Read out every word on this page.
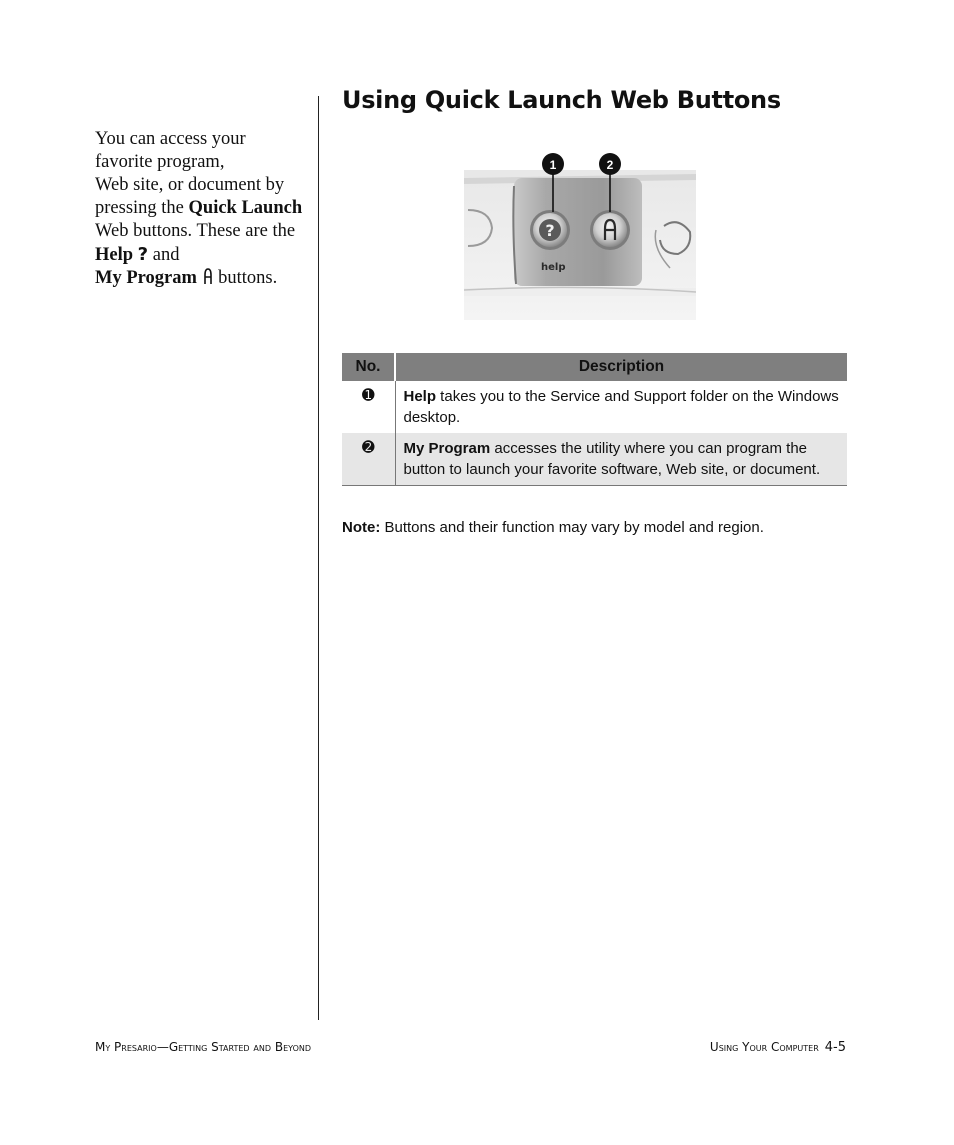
You can access your favorite program,
Web site, or document by pressing the Quick Launch Web buttons. These are the Help ? and
My Program buttons.
Using Quick Launch Web Buttons
?
help
1	2
No.	Description
➊	Help takes you to the Service and Support folder on the Windows desktop.
➋	My Program accesses the utility where you can program the button to launch your favorite software, Web site, or document.
Note: Buttons and their function may vary by model and region.
My Presario—Getting Started and Beyond	Using Your Computer 4-5
